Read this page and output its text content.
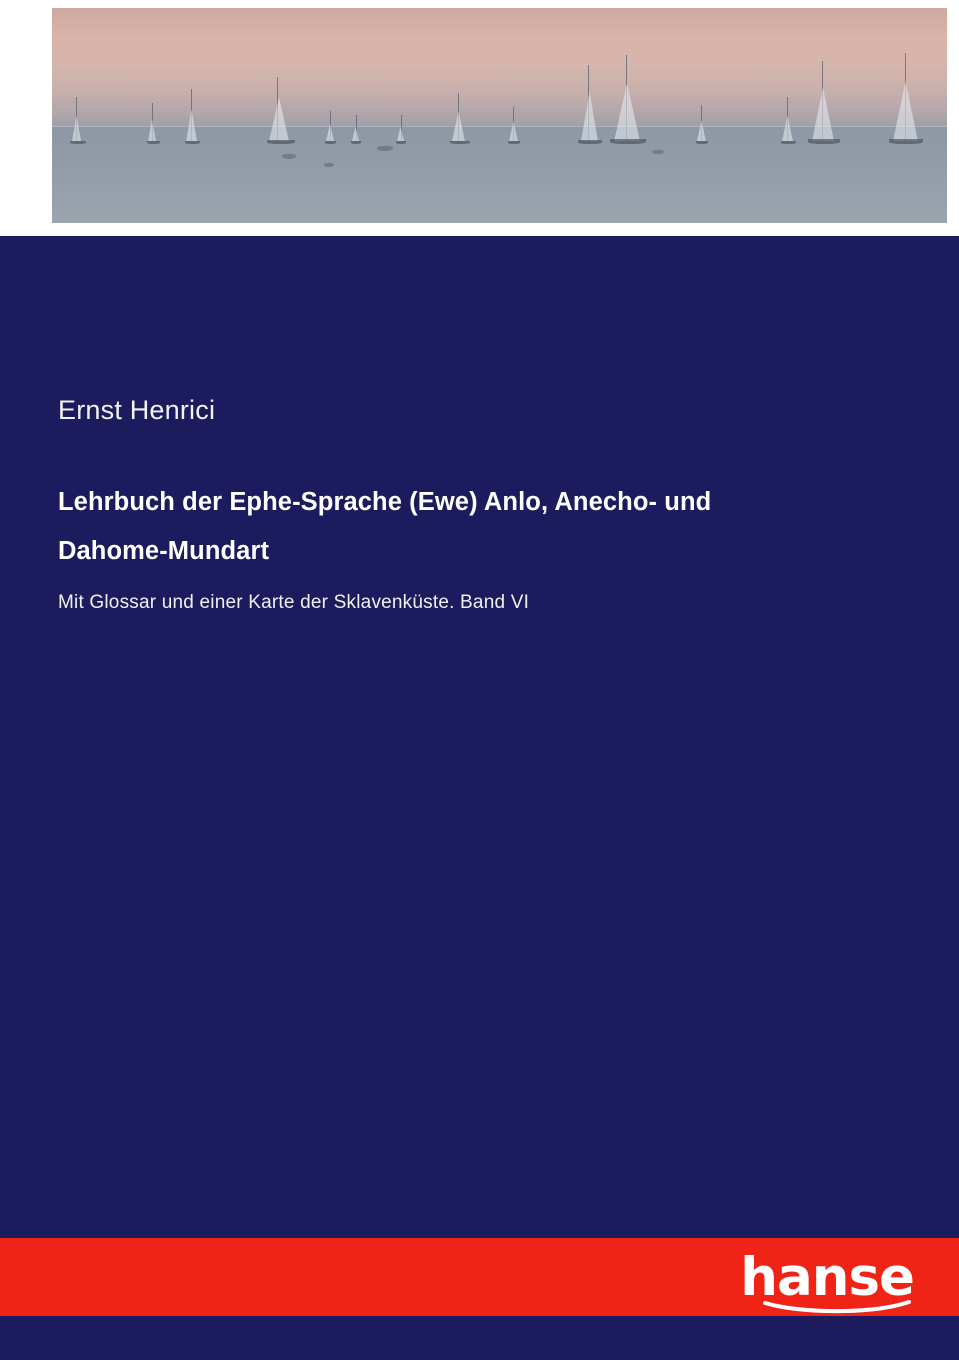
Ernst Henrici
Lehrbuch der Ephe-Sprache (Ewe) Anlo, Anecho- und Dahome-Mundart
Mit Glossar und einer Karte der Sklavenküste. Band VI
hanse
